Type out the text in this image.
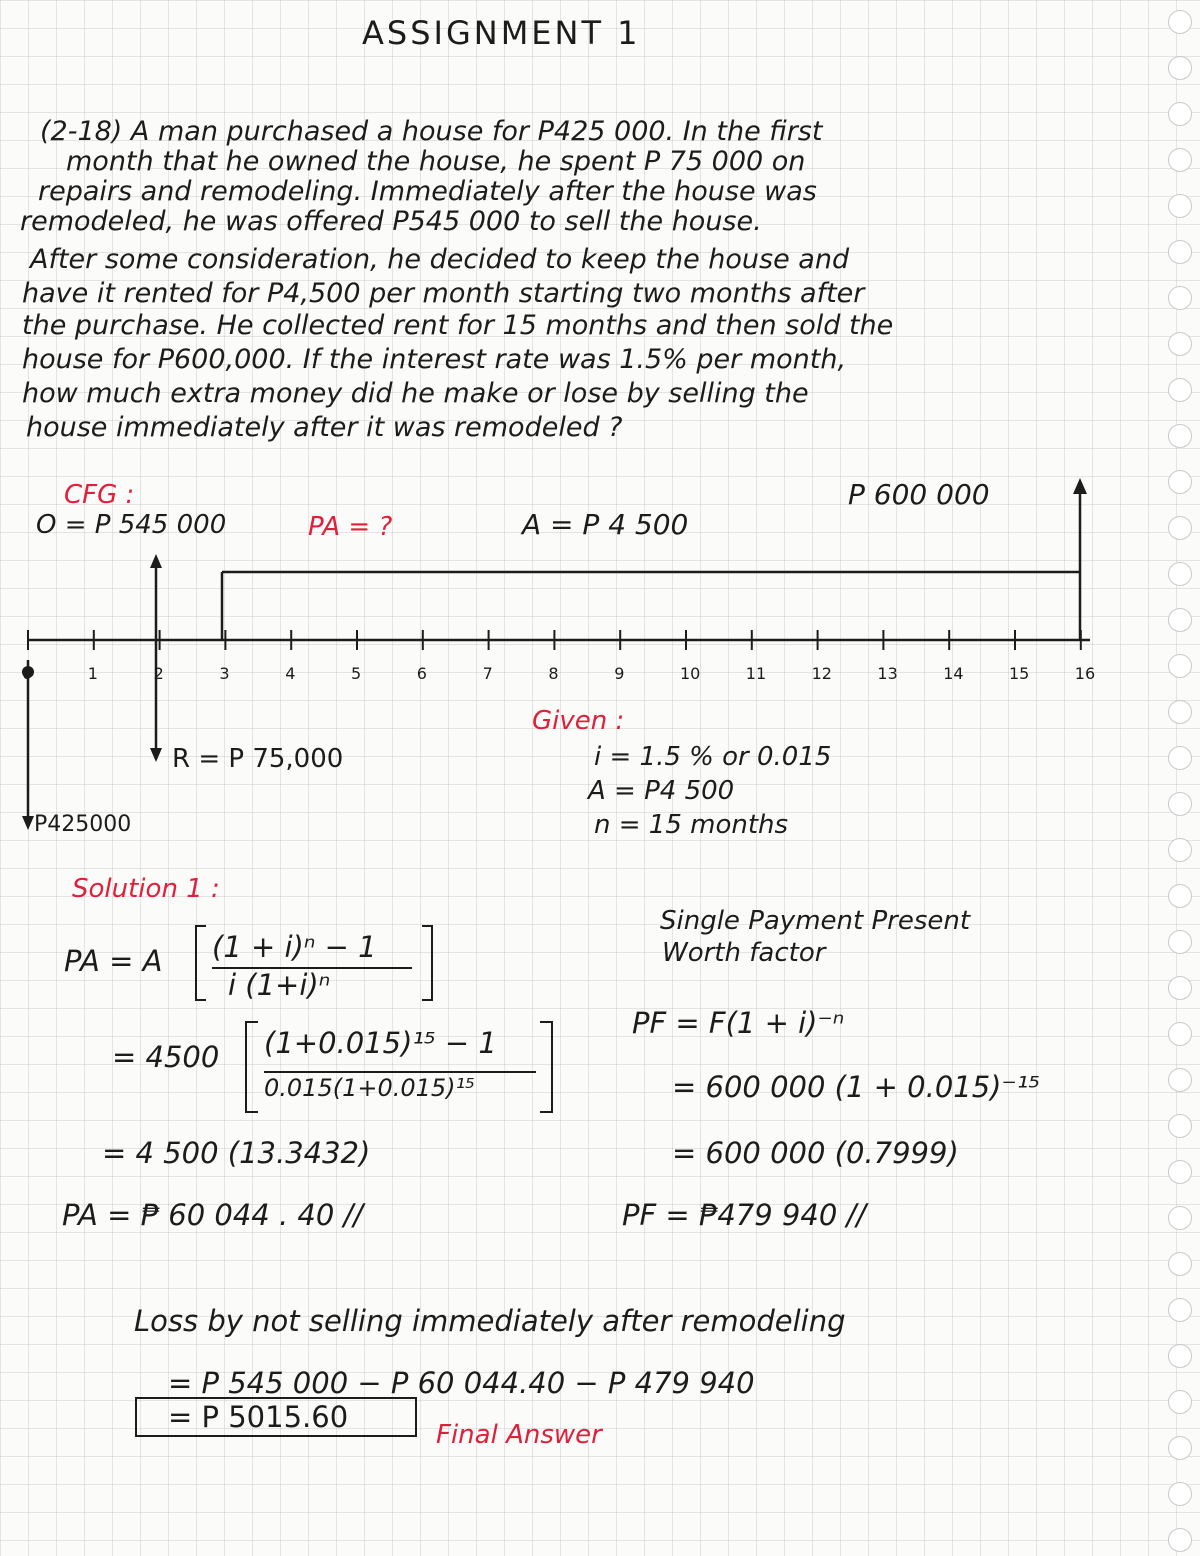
ASSIGNMENT 1
(2-18) A man purchased a house for P425 000. In the first
month that he owned the house, he spent P 75 000 on
repairs and remodeling. Immediately after the house was
remodeled, he was offered P545 000 to sell the house.
After some consideration, he decided to keep the house and
have it rented for P4,500 per month starting two months after
the purchase. He collected rent for 15 months and then sold the
house for P600,000. If the interest rate was 1.5% per month,
how much extra money did he make or lose by selling the
house immediately after it was remodeled ?
CFG :
O = P 545 000	PA = ?	A = P 4 500
P 600 000
0	1	2	3	4	5	6	7	8	9	10	11	12	13	14	15	16
R = P 75,000
P425000
Given :
i = 1.5 % or 0.015
A = P4 500
n = 15 months
Solution 1 :
PA = A (1 + i)ⁿ − 1
i (1+i)ⁿ
= 4500 (1+0.015)¹⁵ − 1
0.015(1+0.015)¹⁵
= 4 500 (13.3432)
PA = ₱ 60 044 . 40 //
Single Payment Present
Worth factor
PF = F(1 + i)⁻ⁿ
= 600 000 (1 + 0.015)⁻¹⁵
= 600 000 (0.7999)
PF = ₱479 940 //
Loss by not selling immediately after remodeling
= P 545 000 − P 60 044.40 − P 479 940
= P 5015.60
Final Answer
